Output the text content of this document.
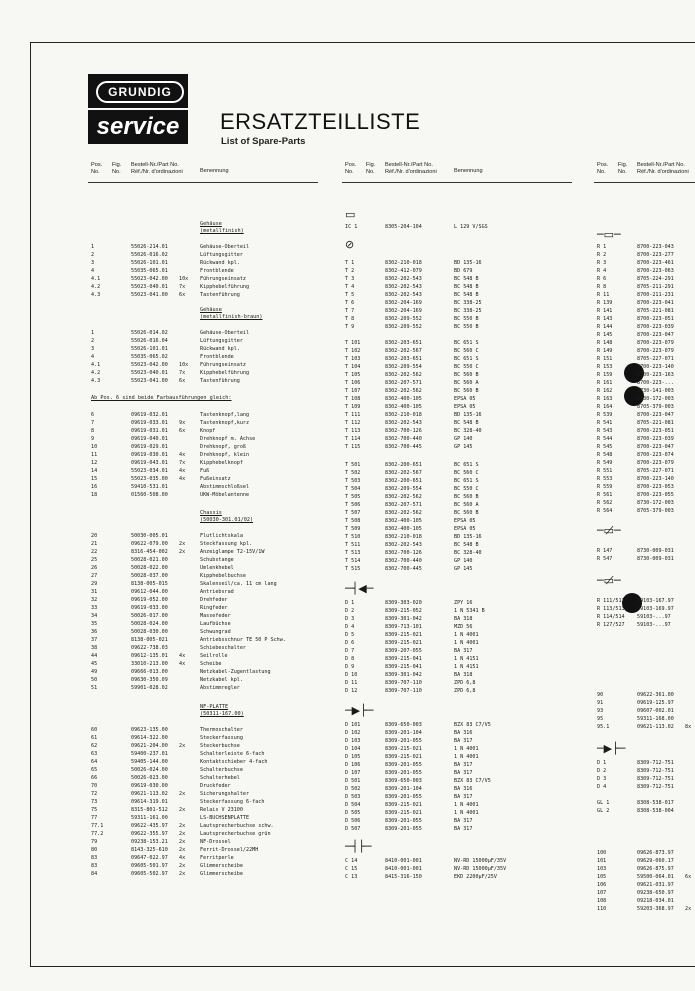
GRUNDIG
service	ERSATZTEILLISTE
List of Spare-Parts
Pos.
No.
Fig.
No.
Bestell-Nr./Part No.
Réf./Nr. d'ordinazioni	Benennung
Gehäuse
(metallfinish)
1	55026-214.01	Gehäuse-Oberteil
2	55026-016.02	Lüftungsgitter
3	55026-101.01	Rückwand kpl.
4	55035-065.01	Frontblende
4.1	55023-042.00 10x Führungseinsatz
4.2	55023-040.01 7x	Kipphebelführung
4.3	55023-041.00 6x	Tastenführung
Gehäuse
(metallfinish-braun)
1	55026-014.02	Gehäuse-Oberteil
2	55026-016.04	Lüftungsgitter
3	55026-101.01	Rückwand kpl.
4	55035-065.02	Frontblende
4.1	55023-042.00 10x Führungseinsatz
4.2	55023-040.01 7x	Kipphebelführung
4.3	55023-041.00 6x	Tastenführung
Ab Pos. 6 sind beide Farbausführungen gleich:
6	09619-032.01	Tastenknopf,lang
7	09619-033.01 9x	Tastenknopf,kurz
8	09619-031.01 6x	Knopf
9	09619-040.01	Drehknopf m. Achse
10	09619-029.01	Drehknopf, groß
11	09619-030.01 4x	Drehknopf, klein
12	09619-043.01 7x	Kipphebelknopf
14	55023-034.01 4x	Fuß
15	55023-035.00 4x	Fußeinsatz
16	59410-531.01	Abstimmschloßsel
18	01560-508.00	UKW-Möbelantenne
Chassis
(50030-301.01/02)
20	50030-005.01	Flutlichtskala
21	09622-079.00 2x	Steckfassung kpl.
22	8316-454-002 2x	Anzeiglampe T2-15V/1W
25	50028-021.00	Schubstange
26	50028-022.00	Umlenkhebel
27	50028-037.00	Kipphebelbuchse
29	8138-005-015	Skalenseil/ca. 11 cm lang
31	09612-044.00	Antriebsrad
32	09619-052.00	Drehfeder
33	09619-033.00	Ringfeder
34	50026-017.00	Massefeder
35	50028-024.00	Laufbüchse
36	50028-030.00	Schwungrad
37	8138-005-021	Antriebsschnur TE 50 P Schw.
38	09622-738.03	Schiebeschalter
44	09612-135.01 4x	Seilrolle
45	33010-213.00 4x	Scheibe
49	09666-013.00	Netzkabel-Zugentlastung
50	09630-350.09	Netzkabel kpl.
51	59901-028.02	Abstimmregler
NF-PLATTE
(50311-167.00)
60	09623-135.00	Thermoschalter
61	09614-322.00	Steckerfassung
62	09621-204.00 2x	Steckerbuchse
63	59400-237.01	Schalterleiste 6-fach
64	59405-144.00	Kontaktschieber 4-fach
65	50026-024.00	Schalterbuchse
66	50026-023.00	Schalterhebel
70	09619-030.00	Druckfeder
72	09621-113.02 2x	Sicherungshalter
73	09614-319.01	Steckerfassung 6-fach
75	8315-801-512 2x	Relais V 23100
77	59311-161.00	LS-BUCHSENPLATTE
77.1	09622-435.97 2x	Lautsprecherbuchse schw.
77.2	09622-355.97 2x	Lautsprecherbuchse grün
79	09238-153.21 2x	NF-Drossel
80	8143-325-610 2x	Ferrit-Drossel/22MH
83	09647-022.97 4x	Ferritperle
83	09605-501.97 2x	Glimmerscheibe
84	09605-502.97 2x	Glimmerscheibe
Pos.
No.
Fig.
No.
Bestell-Nr./Part No.
Réf./Nr. d'ordinazioni	Benennung
▭
IC 1	8305-204-104	L 129 V/SGS
⊘
T 1	8302-210-018	BD 135-16
T 2	8302-412-079	BD 679
T 3	8302-202-543	BC 548 B
T 4	8302-202-543	BC 548 B
T 5	8302-202-543	BC 548 B
T 6	8302-204-169	BC 338-25
T 7	8302-204-169	BC 338-25
T 8	8302-209-552	BC 550 B
T 9	8302-209-552	BC 550 B
T 101	8302-203-651	BC 651 S
T 102	8302-202-567	BC 560 C
T 103	8302-203-651	BC 651 S
T 104	8302-209-554	BC 550 C
T 105	8302-202-562	BC 560 B
T 106	8302-207-571	BC 560 A
T 107	8302-202-562	BC 560 B
T 108	8302-400-105	EPSA 05
T 109	8302-400-105	EPSA 05
T 111	8302-210-018	BD 135-16
T 112	8302-202-543	BC 548 B
T 113	8302-700-126	BC 328-40
T 114	8302-700-440	GP 140
T 115	8302-700-445	GP 145
T 501	8302-200-651	BC 651 S
T 502	8302-202-567	BC 560 C
T 503	8302-200-651	BC 651 S
T 504	8302-209-554	BC 550 C
T 505	8302-202-562	BC 560 B
T 506	8302-207-571	BC 560 A
T 507	8302-202-562	BC 560 B
T 508	8302-400-105	EPSA 05
T 509	8302-400-105	EPSA 05
T 510	8302-210-018	BD 135-16
T 511	8302-202-543	BC 548 B
T 513	8302-700-126	BC 328-40
T 514	8302-700-440	GP 140
T 515	8302-700-445	GP 145
─┤◀─
D 1	8309-303-020	ZPY 16
D 2	8309-215-052	1 N 5341 B
D 3	8309-301-042	BA 318
D 4	8309-713-101	MZD 56
D 5	8309-215-021	1 N 4001
D 6	8309-215-021	1 N 4001
D 7	8309-207-055	BA 317
D 8	8309-215-041	1 N 4151
D 9	8309-215-041	1 N 4151
D 10	8309-301-042	BA 318
D 11	8309-707-110	ZPD 6,8
D 12	8309-707-110	ZPD 6,8
─▶├─
D 101	8309-650-003	BZX 83 C7/V5
D 102	8309-201-104	BA 316
D 103	8309-201-055	BA 317
D 104	8309-215-021	1 N 4001
D 105	8309-215-021	1 N 4001
D 106	8309-201-055	BA 317
D 107	8309-201-055	BA 317
D 501	8309-650-003	BZX 83 C7/V5
D 502	8309-201-104	BA 316
D 503	8309-201-055	BA 317
D 504	8309-215-021	1 N 4001
D 505	8309-215-021	1 N 4001
D 506	8309-201-055	BA 317
D 507	8309-201-055	BA 317
─┤├─
C 14	8410-001-001	NV-RD 15000µF/35V
C 15	8410-001-001	NV-RD 15000µF/35V
C 13	8415-316-150	EKD 2200µF/25V
Pos.
No.
Fig.
No.
Bestell-Nr./Part No.
Réf./Nr. d'ordinazioni
─▭─
R 1	8700-223-043
R 2	8700-223-277
R 3	8700-223-461
R 4	8700-223-063
R 6	8705-224-291
R 8	8705-211-291
R 11	8700-211-231
R 139	8700-223-041
R 141	8705-221-081
R 143	8700-223-051
R 144	8700-223-039
R 145	8700-223-047
R 148	8700-223-079
R 149	8700-223-079
R 151	8705-227-071
R 153	8700-223-140
R 159	8700-223-163
R 161	8700-223-...
R 162	8730-141-003
R 163	8730-172-003
R 164	8705-379-003
R 539	8700-223-047
R 541	8705-221-081
R 543	8700-223-051
R 544	8700-223-039
R 545	8700-223-047
R 548	8700-223-074
R 549	8700-223-079
R 551	8705-227-071
R 553	8700-223-140
R 559	8700-223-053
R 561	8700-223-055
R 562	8730-172-003
R 564	8705-379-003
─▭̸─
R 147	8730-009-031
R 547	8730-009-031
─▭̸─
R 111/511 59103-167.97
R 113/513 59103-169.97
R 114/514 59103-...97
R 127/527 59103-...97
90	09622-361.00
91	09619-125.97
93	09607-002.01
95	59311-168.00
95.1	09621-113.02 8x
─▶├─
D 1	8309-712-751
D 2	8309-712-751
D 3	8309-712-751
D 4	8309-712-751
GL 1	8308-538-017
GL 2	8308-538-004
100	09626-873.97
101	09629-060.17
103	09626-875.97
105	59500-064.01 6x
106	09621-031.97
107	09238-650.97
108	09218-034.01
110	59203-368.97 2x
